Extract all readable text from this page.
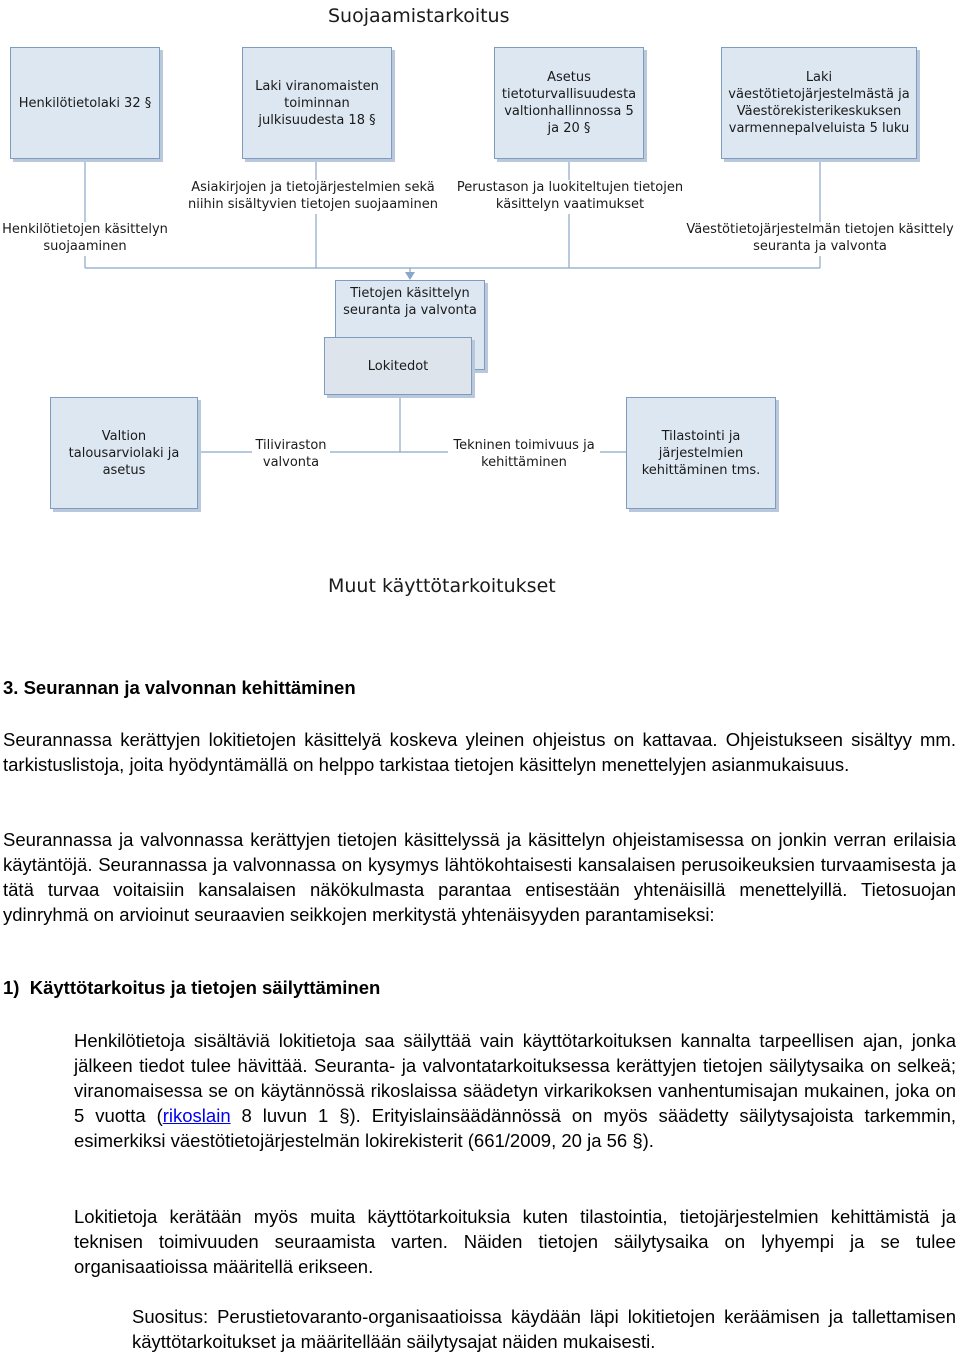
Suojaamistarkoitus
Henkilötietolaki 32 §
Laki viranomaisten
toiminnan
julkisuudesta 18 §
Asetus
tietoturvallisuudesta
valtionhallinnossa 5
ja 20 §
Laki
väestötietojärjestelmästä ja
Väestörekisterikeskuksen
varmennepalveluista 5 luku
Henkilötietojen käsittelyn
suojaaminen
Asiakirjojen ja tietojärjestelmien sekä
niihin sisältyvien tietojen suojaaminen
Perustason ja luokiteltujen tietojen
käsittelyn vaatimukset
Väestötietojärjestelmän tietojen käsittely
seuranta ja valvonta
Tietojen käsittelyn
seuranta ja valvonta
Lokitedot
Valtion
talousarviolaki ja
asetus
Tiliviraston
valvonta
Tekninen toimivuus ja
kehittäminen
Tilastointi ja
järjestelmien
kehittäminen tms.
Muut käyttötarkoitukset
3. Seurannan ja valvonnan kehittäminen
Seurannassa kerättyjen lokitietojen käsittelyä koskeva yleinen ohjeistus on kattavaa. Ohjeistukseen sisältyy mm. tarkistuslistoja, joita hyödyntämällä on helppo tarkistaa tietojen käsittelyn menettelyjen asianmukaisuus.
Seurannassa ja valvonnassa kerättyjen tietojen käsittelyssä ja käsittelyn ohjeistamisessa on jonkin verran erilaisia käytäntöjä. Seurannassa ja valvonnassa on kysymys lähtökohtaisesti kansalaisen perusoikeuksien turvaamisesta ja tätä turvaa voitaisiin kansalaisen näkökulmasta parantaa entisestään yhtenäisillä menettelyillä. Tietosuojan ydinryhmä on arvioinut seuraavien seikkojen merkitystä yhtenäisyyden parantamiseksi:
1)  Käyttötarkoitus ja tietojen säilyttäminen
Henkilötietoja sisältäviä lokitietoja saa säilyttää vain käyttötarkoituksen kannalta tarpeellisen ajan, jonka jälkeen tiedot tulee hävittää. Seuranta- ja valvontatarkoituksessa kerättyjen tietojen säilytysaika on selkeä; viranomaisessa se on käytännössä rikoslaissa säädetyn virkarikoksen vanhentumisajan mukainen, joka on 5 vuotta (rikoslain 8 luvun 1 §). Erityislainsäädännössä on myös säädetty säilytysajoista tarkemmin, esimerkiksi väestötietojärjestelmän lokirekisterit (661/2009, 20 ja 56 §).
Lokitietoja kerätään myös muita käyttötarkoituksia kuten tilastointia, tietojärjestelmien kehittämistä ja teknisen toimivuuden seuraamista varten. Näiden tietojen säilytysaika on lyhyempi ja se tulee organisaatioissa määritellä erikseen.
Suositus: Perustietovaranto-organisaatioissa käydään läpi lokitietojen keräämisen ja tallettamisen käyttötarkoitukset ja määritellään säilytysajat näiden mukaisesti.
